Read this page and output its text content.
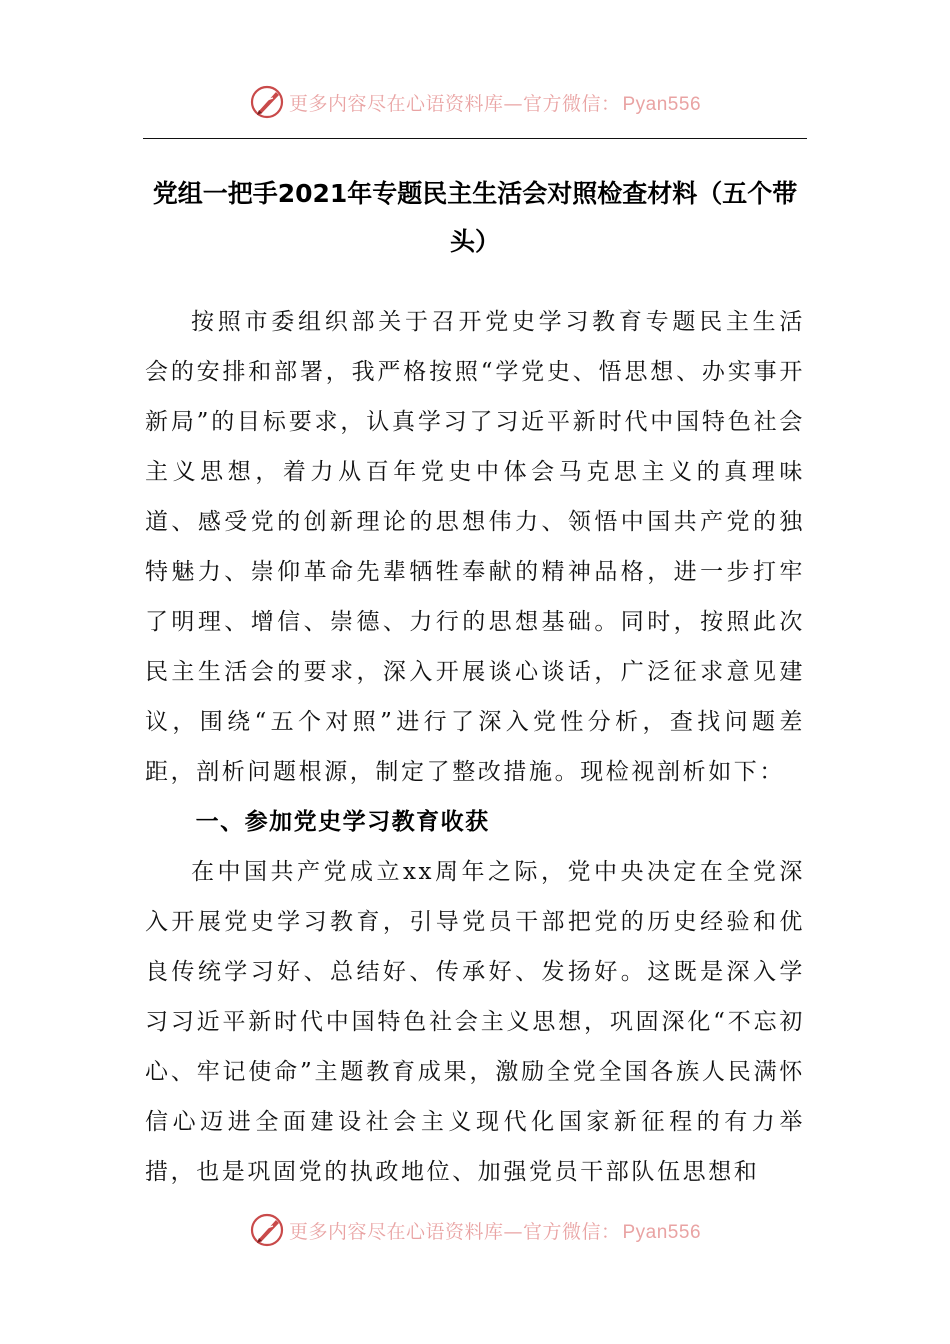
更多内容尽在心语资料库—官方微信： Pyan556
党组一把手2021年专题民主生活会对照检查材料（五个带头）

按照市委组织部关于召开党史学习教育专题民主生活会的安排和部署，我严格按照“学党史、悟思想、办实事开新局”的目标要求，认真学习了习近平新时代中国特色社会主义思想，着力从百年党史中体会马克思主义的真理味道、感受党的创新理论的思想伟力、领悟中国共产党的独特魅力、崇仰革命先辈牺牲奉献的精神品格，进一步打牢了明理、增信、崇德、力行的思想基础。同时，按照此次民主生活会的要求，深入开展谈心谈话，广泛征求意见建议，围绕“五个对照”进行了深入党性分析，查找问题差距，剖析问题根源，制定了整改措施。现检视剖析如下：

一、参加党史学习教育收获

在中国共产党成立xx周年之际，党中央决定在全党深入开展党史学习教育，引导党员干部把党的历史经验和优良传统学习好、总结好、传承好、发扬好。这既是深入学习习近平新时代中国特色社会主义思想，巩固深化“不忘初心、牢记使命”主题教育成果，激励全党全国各族人民满怀信心迈进全面建设社会主义现代化国家新征程的有力举措，也是巩固党的执政地位、加强党员干部队伍思想和

更多内容尽在心语资料库—官方微信： Pyan556
